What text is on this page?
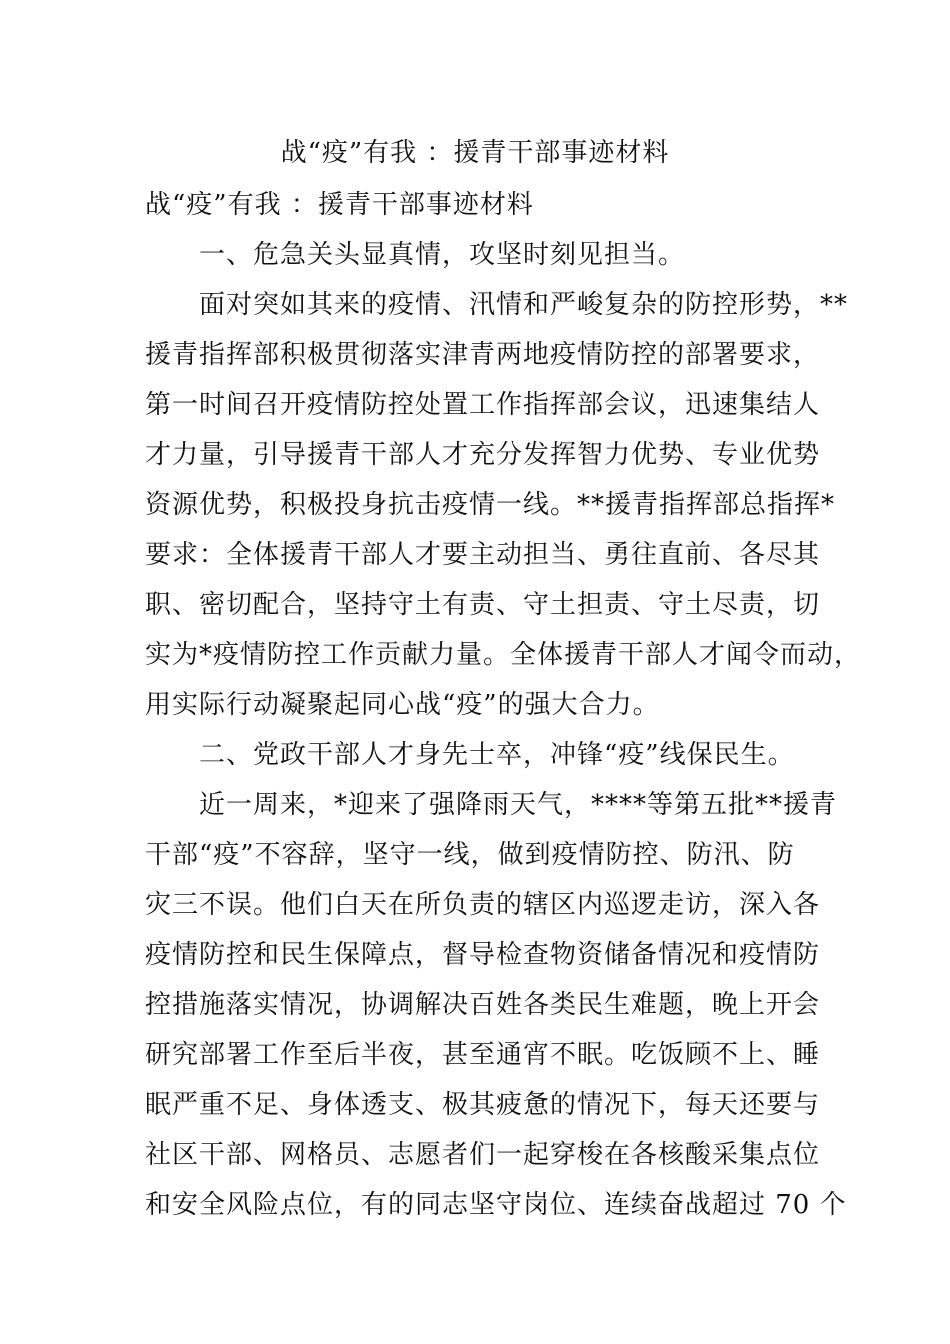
战“疫”有我 ：援青干部事迹材料
战“疫”有我 ：援青干部事迹材料
　　一、危急关头显真情，攻坚时刻见担当。
　　面对突如其来的疫情、汛情和严峻复杂的防控形势，**
援青指挥部积极贯彻落实津青两地疫情防控的部署要求，
第一时间召开疫情防控处置工作指挥部会议，迅速集结人
才力量，引导援青干部人才充分发挥智力优势、专业优势
资源优势，积极投身抗击疫情一线。**援青指挥部总指挥*
要求：全体援青干部人才要主动担当、勇往直前、各尽其
职、密切配合，坚持守土有责、守土担责、守土尽责，切
实为*疫情防控工作贡献力量。全体援青干部人才闻令而动，
用实际行动凝聚起同心战“疫”的强大合力。
　　二、党政干部人才身先士卒，冲锋“疫”线保民生。
　　近一周来，*迎来了强降雨天气，****等第五批**援青
干部“疫”不容辞，坚守一线，做到疫情防控、防汛、防
灾三不误。他们白天在所负责的辖区内巡逻走访，深入各
疫情防控和民生保障点，督导检查物资储备情况和疫情防
控措施落实情况，协调解决百姓各类民生难题，晚上开会
研究部署工作至后半夜，甚至通宵不眠。吃饭顾不上、睡
眠严重不足、身体透支、极其疲惫的情况下，每天还要与
社区干部、网格员、志愿者们一起穿梭在各核酸采集点位
和安全风险点位，有的同志坚守岗位、连续奋战超过 70 个
